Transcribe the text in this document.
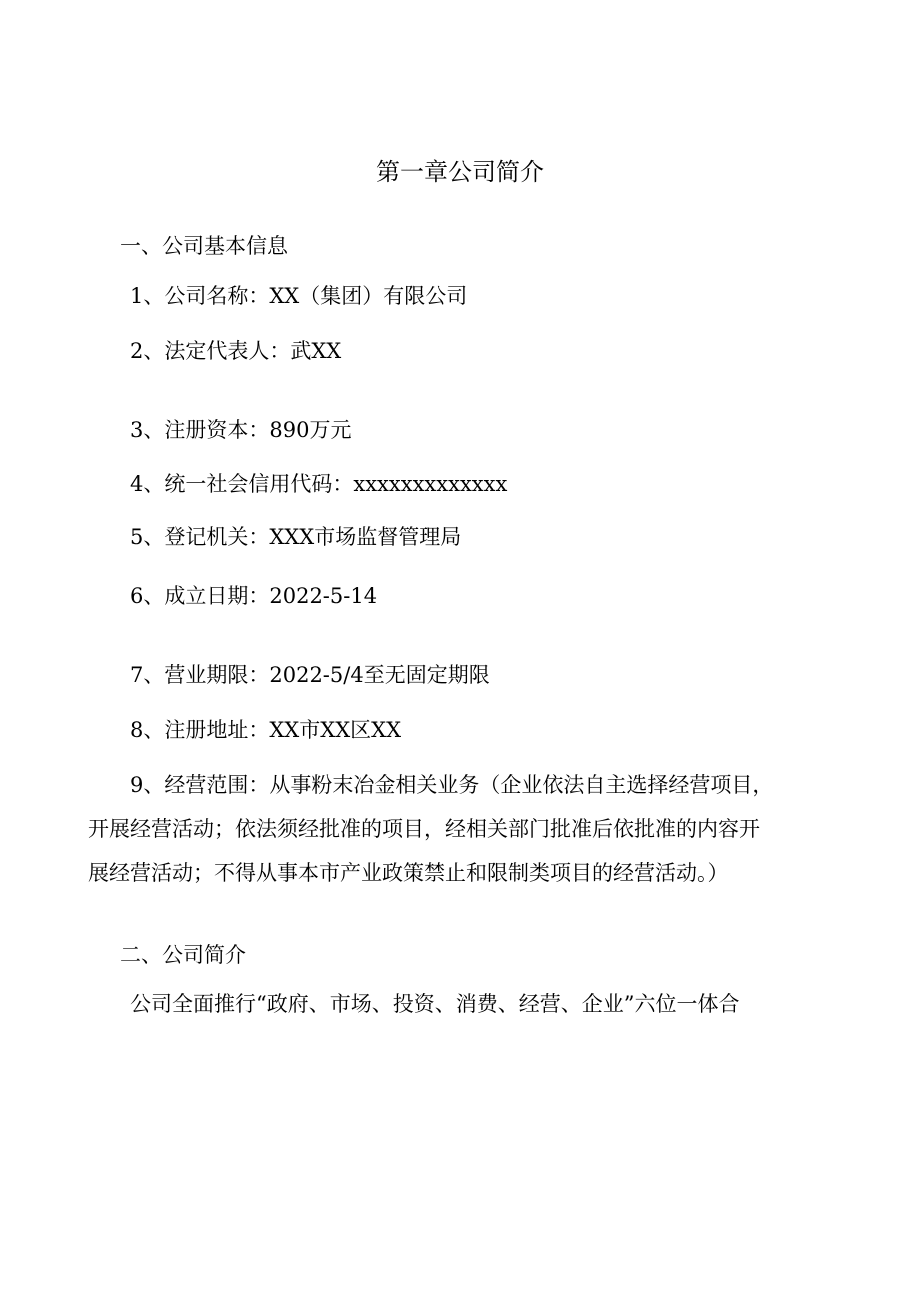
第一章公司简介
一、公司基本信息
1、公司名称：XX（集团）有限公司
2、法定代表人：武XX
3、注册资本：890万元
4、统一社会信用代码：xxxxxxxxxxxxx
5、登记机关：XXX市场监督管理局
6、成立日期：2022-5-14
7、营业期限：2022-5/4至无固定期限
8、注册地址：XX市XX区XX
9、经营范围：从事粉末冶金相关业务（企业依法自主选择经营项目，
开展经营活动；依法须经批准的项目，经相关部门批准后依批准的内容开
展经营活动；不得从事本市产业政策禁止和限制类项目的经营活动。）
二、公司简介
公司全面推行“政府、市场、投资、消费、经营、企业”六位一体合
